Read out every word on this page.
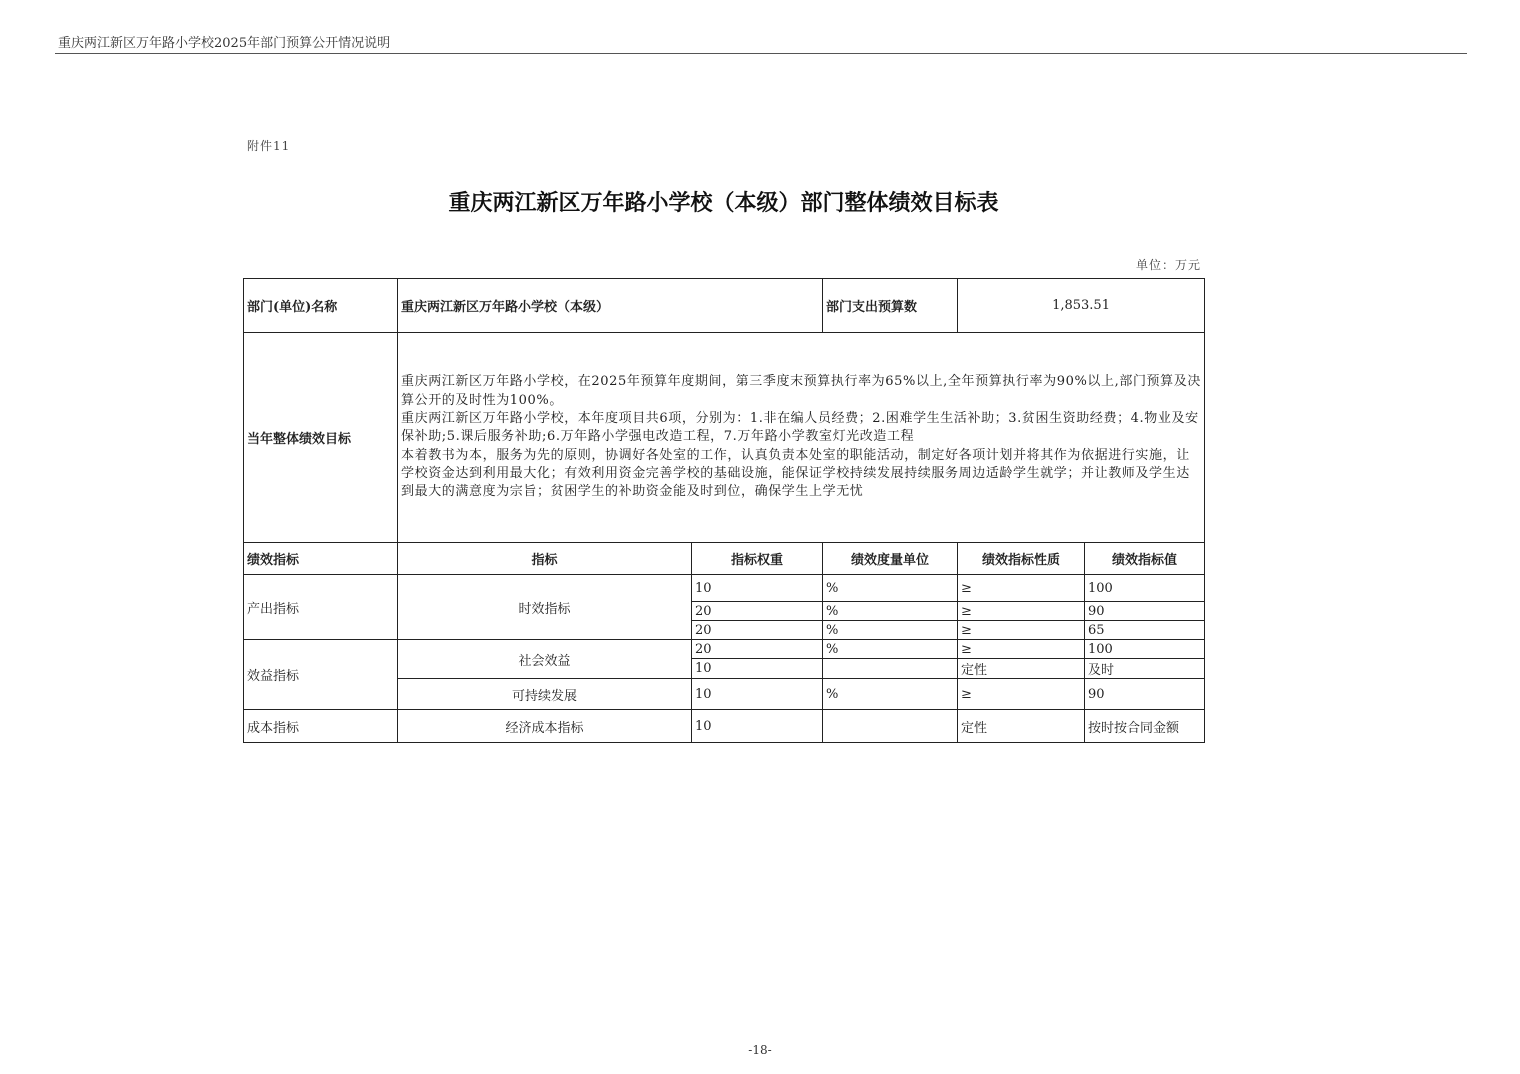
重庆两江新区万年路小学校2025年部门预算公开情况说明
附件11
重庆两江新区万年路小学校（本级）部门整体绩效目标表
单位：万元
部门(单位)名称	重庆两江新区万年路小学校（本级）		部门支出预算数	1,853.51	
当年整体绩效目标	重庆两江新区万年路小学校，在2025年预算年度期间，第三季度末预算执行率为65%以上,全年预算执行率为90%以上,部门预算及决算公开的及时性为100%。
重庆两江新区万年路小学校，本年度项目共6项，分别为：1.非在编人员经费；2.困难学生生活补助；3.贫困生资助经费；4.物业及安保补助;5.课后服务补助;6.万年路小学强电改造工程，7.万年路小学教室灯光改造工程
本着教书为本，服务为先的原则，协调好各处室的工作，认真负责本处室的职能活动，制定好各项计划并将其作为依据进行实施，让学校资金达到利用最大化；有效利用资金完善学校的基础设施，能保证学校持续发展持续服务周边适龄学生就学；并让教师及学生达到最大的满意度为宗旨；贫困学生的补助资金能及时到位，确保学生上学无忧				

绩效指标	指标	指标权重	绩效度量单位	绩效指标性质	绩效指标值
产出指标	时效指标	10	%	≥	100
		20	%	≥	90
		20	%	≥	65
效益指标	社会效益	20	%	≥	100
		10		定性	及时
	可持续发展	10	%	≥	90
成本指标	经济成本指标	10		定性	按时按合同金额
-18-
